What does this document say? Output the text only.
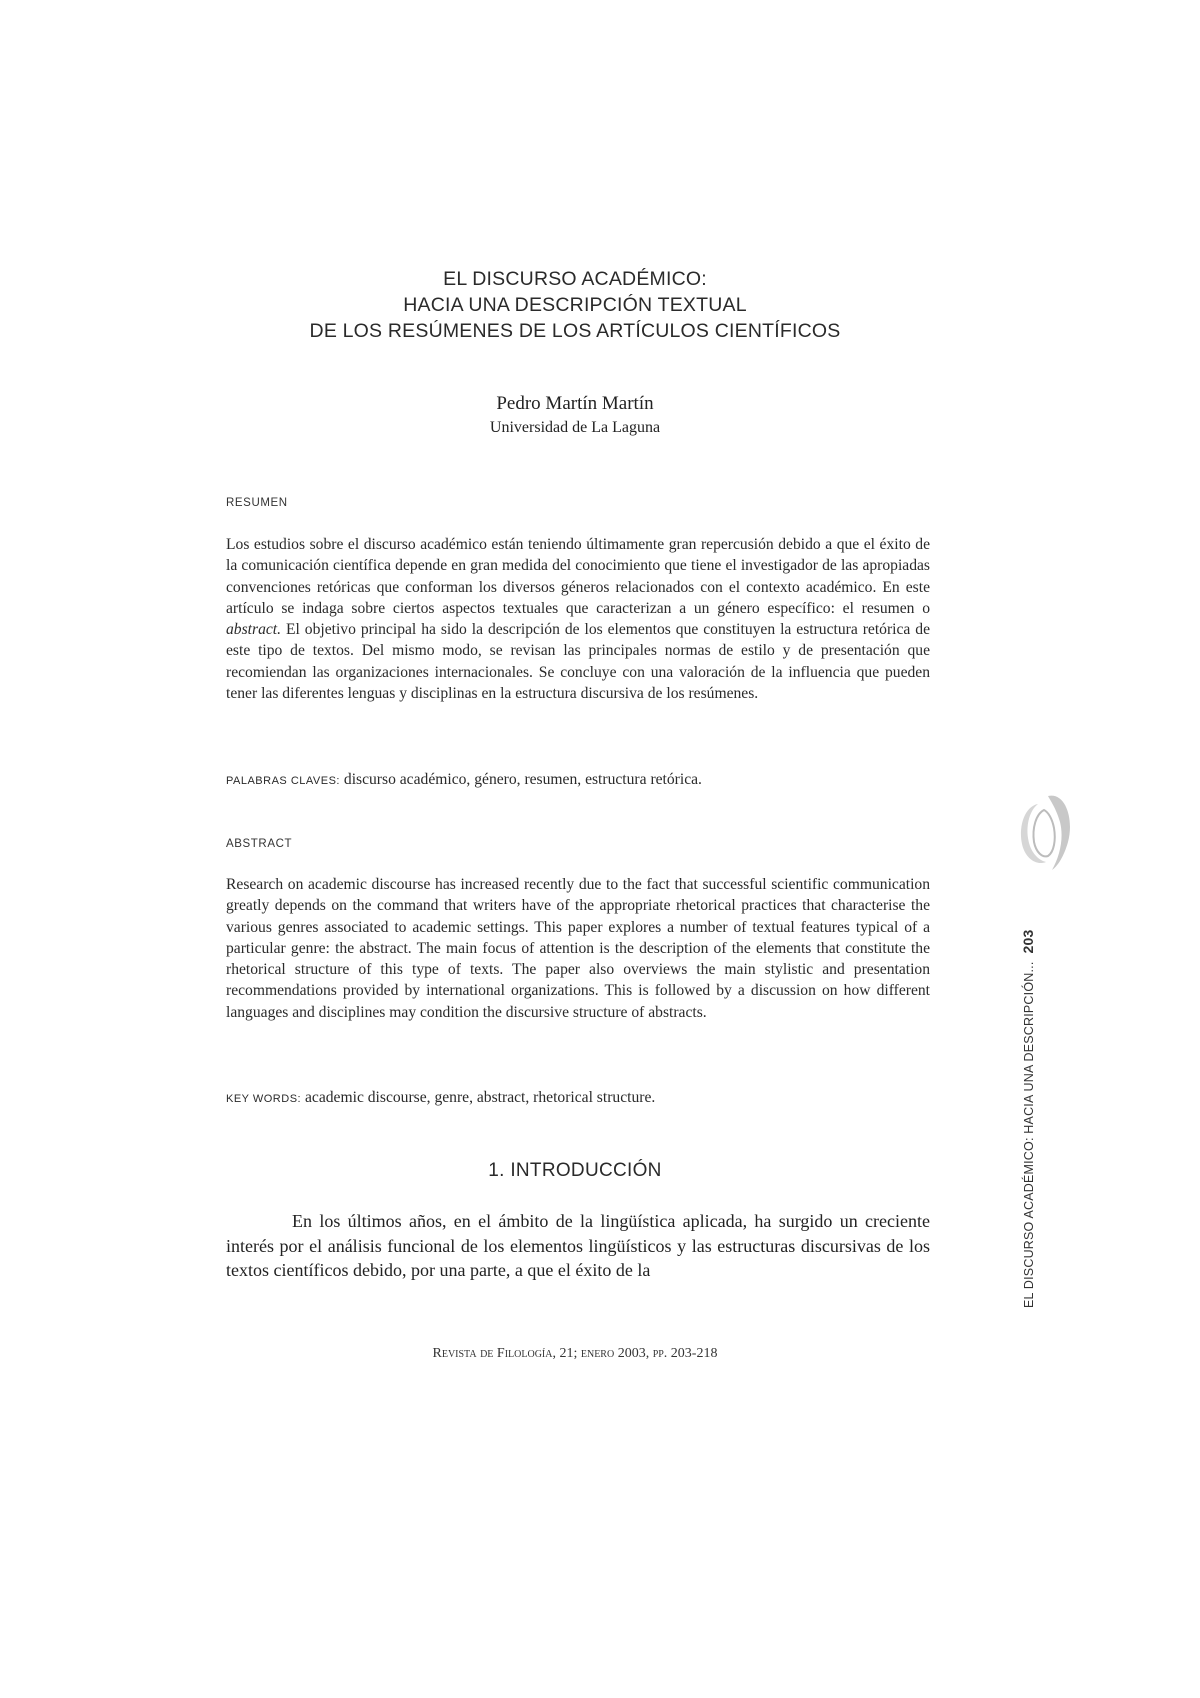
EL DISCURSO ACADÉMICO:
HACIA UNA DESCRIPCIÓN TEXTUAL
DE LOS RESÚMENES DE LOS ARTÍCULOS CIENTÍFICOS
Pedro Martín Martín
Universidad de La Laguna
RESUMEN
Los estudios sobre el discurso académico están teniendo últimamente gran repercusión debido a que el éxito de la comunicación científica depende en gran medida del conocimiento que tiene el investigador de las apropiadas convenciones retóricas que conforman los diversos géneros relacionados con el contexto académico. En este artículo se indaga sobre ciertos aspectos textuales que caracterizan a un género específico: el resumen o abstract. El objetivo principal ha sido la descripción de los elementos que constituyen la estructura retórica de este tipo de textos. Del mismo modo, se revisan las principales normas de estilo y de presentación que recomiendan las organizaciones internacionales. Se concluye con una valoración de la influencia que pueden tener las diferentes lenguas y disciplinas en la estructura discursiva de los resúmenes.
PALABRAS CLAVES: discurso académico, género, resumen, estructura retórica.
ABSTRACT
Research on academic discourse has increased recently due to the fact that successful scientific communication greatly depends on the command that writers have of the appropriate rhetorical practices that characterise the various genres associated to academic settings. This paper explores a number of textual features typical of a particular genre: the abstract. The main focus of attention is the description of the elements that constitute the rhetorical structure of this type of texts. The paper also overviews the main stylistic and presentation recommendations provided by international organizations. This is followed by a discussion on how different languages and disciplines may condition the discursive structure of abstracts.
KEY WORDS: academic discourse, genre, abstract, rhetorical structure.
1. INTRODUCCIÓN
En los últimos años, en el ámbito de la lingüística aplicada, ha surgido un creciente interés por el análisis funcional de los elementos lingüísticos y las estructuras discursivas de los textos científicos debido, por una parte, a que el éxito de la
Revista de Filología, 21; enero 2003, pp. 203-218
EL DISCURSO ACADÉMICO: HACIA UNA DESCRIPCIÓN...203
